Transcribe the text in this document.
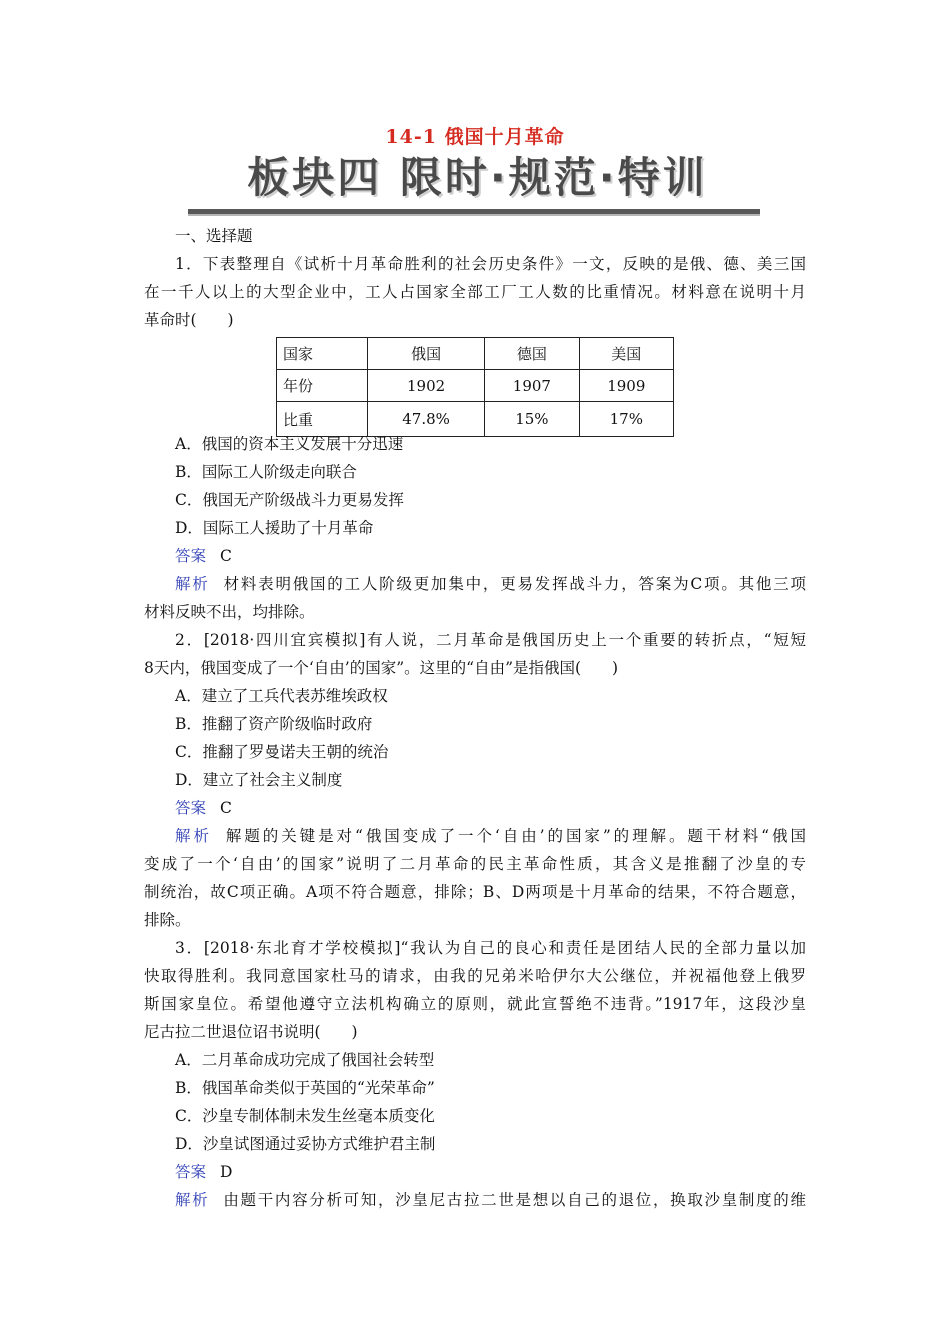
14-1 俄国十月革命
板块四 限时·规范·特训
一、选择题
1．下表整理自《试析十月革命胜利的社会历史条件》一文，反映的是俄、德、美三国
在一千人以上的大型企业中，工人占国家全部工厂工人数的比重情况。材料意在说明十月
革命时(　　)
国家	俄国	德国	美国
年份	1902	1907	1909
比重	47.8%	15%	17%
A．俄国的资本主义发展十分迅速
B．国际工人阶级走向联合
C．俄国无产阶级战斗力更易发挥
D．国际工人援助了十月革命
答案 C
解析 材料表明俄国的工人阶级更加集中，更易发挥战斗力，答案为C项。其他三项
材料反映不出，均排除。
2．[2018·四川宜宾模拟]有人说，二月革命是俄国历史上一个重要的转折点，“短短
8天内，俄国变成了一个‘自由’的国家”。这里的“自由”是指俄国(　　)
A．建立了工兵代表苏维埃政权
B．推翻了资产阶级临时政府
C．推翻了罗曼诺夫王朝的统治
D．建立了社会主义制度
答案 C
解析 解题的关键是对“俄国变成了一个‘自由’的国家”的理解。题干材料“俄国
变成了一个‘自由’的国家”说明了二月革命的民主革命性质，其含义是推翻了沙皇的专
制统治，故C项正确。A项不符合题意，排除；B、D两项是十月革命的结果，不符合题意，
排除。
3．[2018·东北育才学校模拟]“我认为自己的良心和责任是团结人民的全部力量以加
快取得胜利。我同意国家杜马的请求，由我的兄弟米哈伊尔大公继位，并祝福他登上俄罗
斯国家皇位。希望他遵守立法机构确立的原则，就此宣誓绝不违背。”1917年，这段沙皇
尼古拉二世退位诏书说明(　　)
A．二月革命成功完成了俄国社会转型
B．俄国革命类似于英国的“光荣革命”
C．沙皇专制体制未发生丝毫本质变化
D．沙皇试图通过妥协方式维护君主制
答案 D
解析 由题干内容分析可知，沙皇尼古拉二世是想以自己的退位，换取沙皇制度的维
